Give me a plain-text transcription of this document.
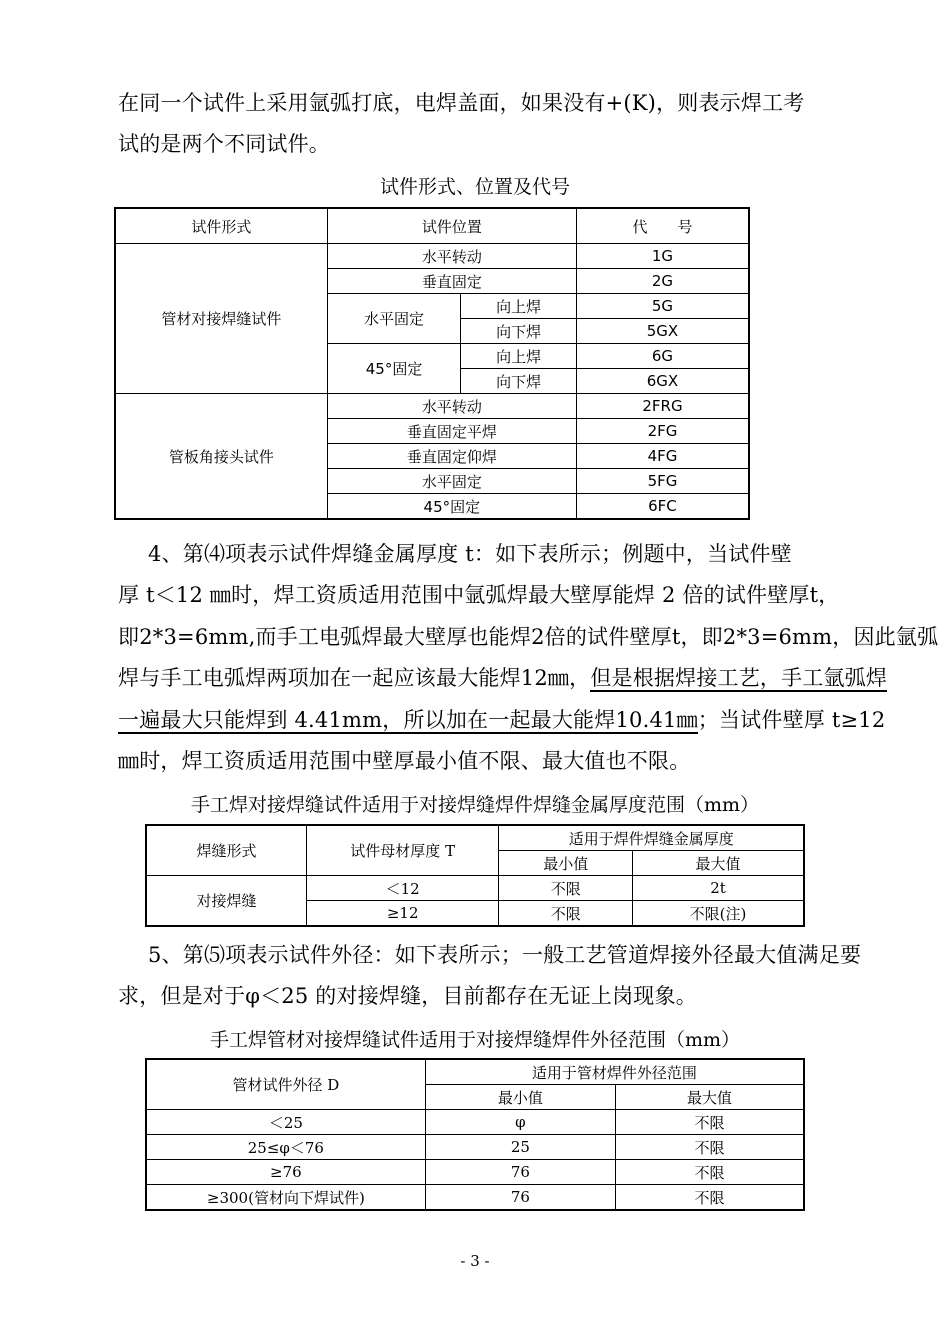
在同一个试件上采用氩弧打底，电焊盖面，如果没有+(K)，则表示焊工考
试的是两个不同试件。
试件形式、位置及代号
试件形式	试件位置		代　　号
管材对接焊缝试件	水平转动		1G
	垂直固定		2G
	水平固定	向上焊	5G
		向下焊	5GX
	45°固定	向上焊	6G
		向下焊	6GX
管板角接头试件	水平转动		2FRG
	垂直固定平焊		2FG
	垂直固定仰焊		4FG
	水平固定		5FG
	45°固定		6FC
4、第⑷项表示试件焊缝金属厚度 t：如下表所示；例题中，当试件壁
厚 t＜12 ㎜时，焊工资质适用范围中氩弧焊最大壁厚能焊 2 倍的试件壁厚t，
即2*3=6mm,而手工电弧焊最大壁厚也能焊2倍的试件壁厚t，即2*3=6mm，因此氩弧
焊与手工电弧焊两项加在一起应该最大能焊12㎜，但是根据焊接工艺，手工氩弧焊
一遍最大只能焊到 4.41mm，所以加在一起最大能焊10.41㎜；当试件壁厚 t≥12
㎜时，焊工资质适用范围中壁厚最小值不限、最大值也不限。
手工焊对接焊缝试件适用于对接焊缝焊件焊缝金属厚度范围（mm）
焊缝形式	试件母材厚度 T	适用于焊件焊缝金属厚度	
		最小值	最大值
对接焊缝	＜12	不限	2t
	≥12	不限	不限(注)
5、第⑸项表示试件外径：如下表所示；一般工艺管道焊接外径最大值满足要
求，但是对于φ＜25 的对接焊缝，目前都存在无证上岗现象。
手工焊管材对接焊缝试件适用于对接焊缝焊件外径范围（mm）
管材试件外径 D	适用于管材焊件外径范围	
	最小值	最大值
＜25	φ	不限
25≤φ＜76	25	不限
≥76	76	不限
≥300(管材向下焊试件)	76	不限
- 3 -
